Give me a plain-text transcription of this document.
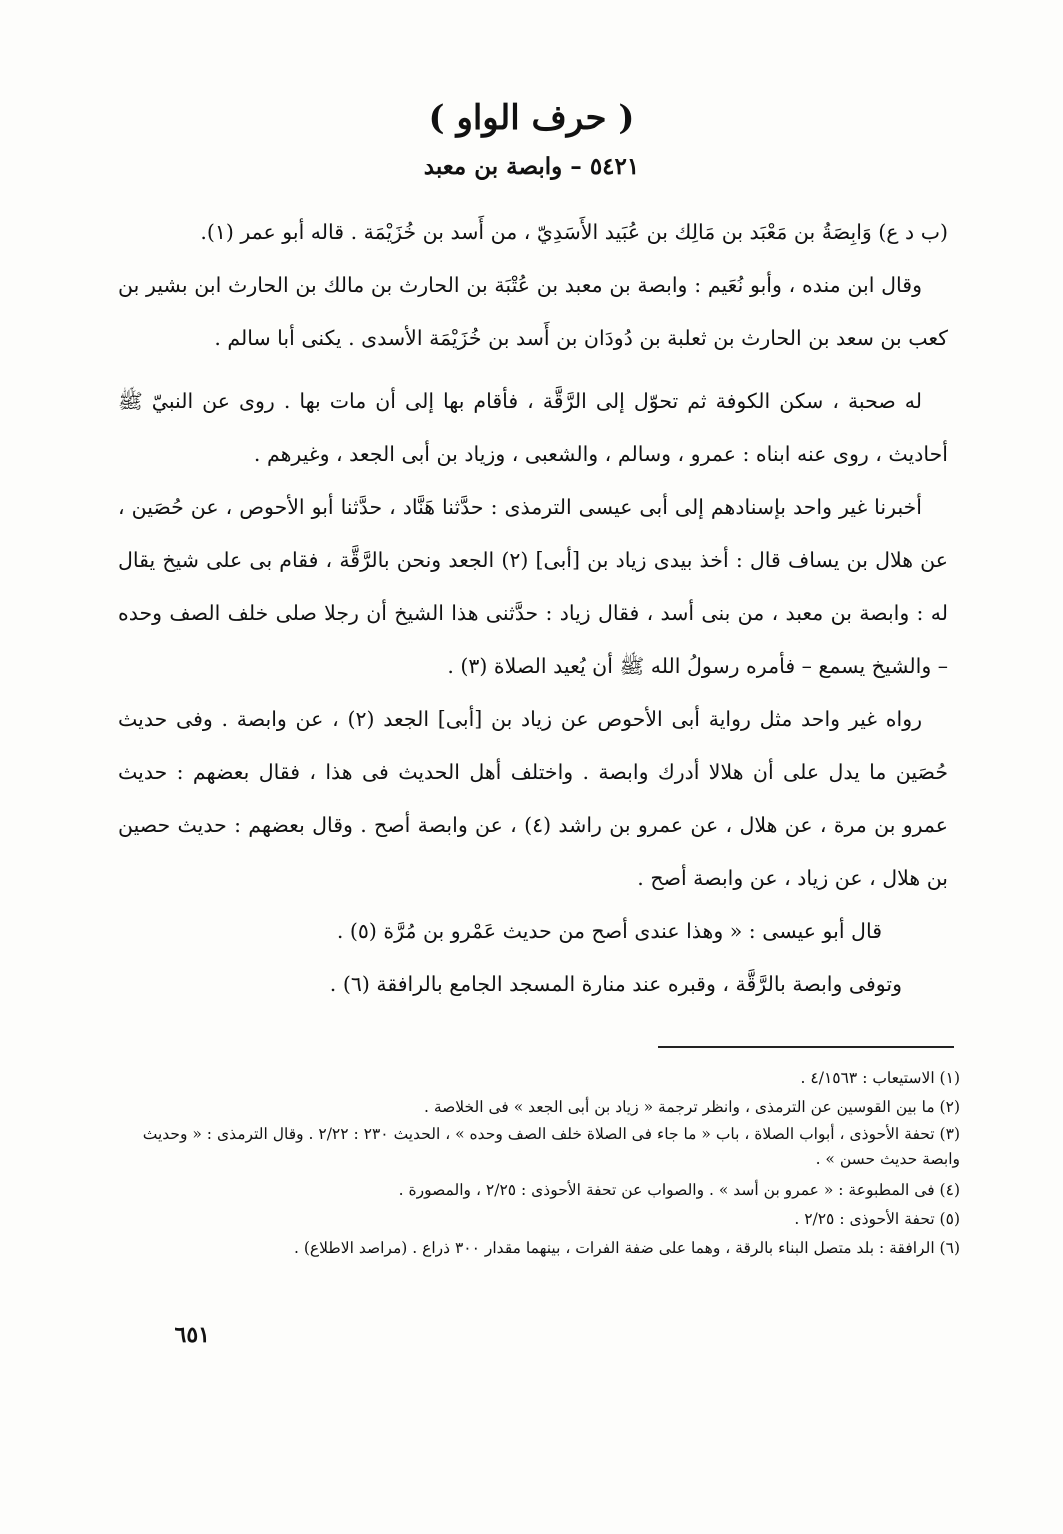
( حرف الواو )
٥٤٢١ – وابصة بن معبد

(ب د ع) وَابِصَةُ بن مَعْبَد بن مَالِك بن عُبَيد الأَسَدِيّ ، من أَسد بن خُزَيْمَة . قاله أبو عمر (١).

وقال ابن منده ، وأبو نُعَيم : وابصة بن معبد بن عُتْبَة بن الحارث بن مالك بن الحارث ابن بشير بن كعب بن سعد بن الحارث بن ثعلبة بن دُودَان بن أَسد بن خُزَيْمَة الأسدى . يكنى أبا سالم .

له صحبة ، سكن الكوفة ثم تحوّل إلى الرَّقَّة ، فأقام بها إلى أن مات بها . روى عن النبيّ ﷺ أحاديث ، روى عنه ابناه : عمرو ، وسالم ، والشعبى ، وزياد بن أبى الجعد ، وغيرهم .

أخبرنا غير واحد بإسنادهم إلى أبى عيسى الترمذى : حدَّثنا هَنَّاد ، حدَّثنا أبو الأحوص ، عن حُصَين ، عن هلال بن يساف قال : أخذ بيدى زياد بن [أبى] (٢) الجعد ونحن بالرَّقَّة ، فقام بى على شيخ يقال له : وابصة بن معبد ، من بنى أسد ، فقال زياد : حدَّثنى هذا الشيخ أن رجلا صلى خلف الصف وحده – والشيخ يسمع – فأمره رسولُ الله ﷺ أن يُعيد الصلاة (٣) .

رواه غير واحد مثل رواية أبى الأحوص عن زياد بن [أبى] الجعد (٢) ، عن وابصة . وفى حديث حُصَين ما يدل على أن هلالا أدرك وابصة . واختلف أهل الحديث فى هذا ، فقال بعضهم : حديث عمرو بن مرة ، عن هلال ، عن عمرو بن راشد (٤) ، عن وابصة أصح . وقال بعضهم : حديث حصين بن هلال ، عن زياد ، عن وابصة أصح .

قال أبو عيسى : « وهذا عندى أصح من حديث عَمْرو بن مُرَّة (٥) .

وتوفى وابصة بالرَّقَّة ، وقبره عند منارة المسجد الجامع بالرافقة (٦) .

(١) الاستيعاب : ٤/١٥٦٣ .
(٢) ما بين القوسين عن الترمذى ، وانظر ترجمة « زياد بن أبى الجعد » فى الخلاصة .
(٣) تحفة الأحوذى ، أبواب الصلاة ، باب « ما جاء فى الصلاة خلف الصف وحده » ، الحديث ٢٣٠ : ٢/٢٢ . وقال الترمذى : « وحديث وابصة حديث حسن » .
(٤) فى المطبوعة : « عمرو بن أسد » . والصواب عن تحفة الأحوذى : ٢/٢٥ ، والمصورة .
(٥) تحفة الأحوذى : ٢/٢٥ .
(٦) الرافقة : بلد متصل البناء بالرقة ، وهما على ضفة الفرات ، بينهما مقدار ٣٠٠ ذراع . (مراصد الاطلاع) .
٦٥١
